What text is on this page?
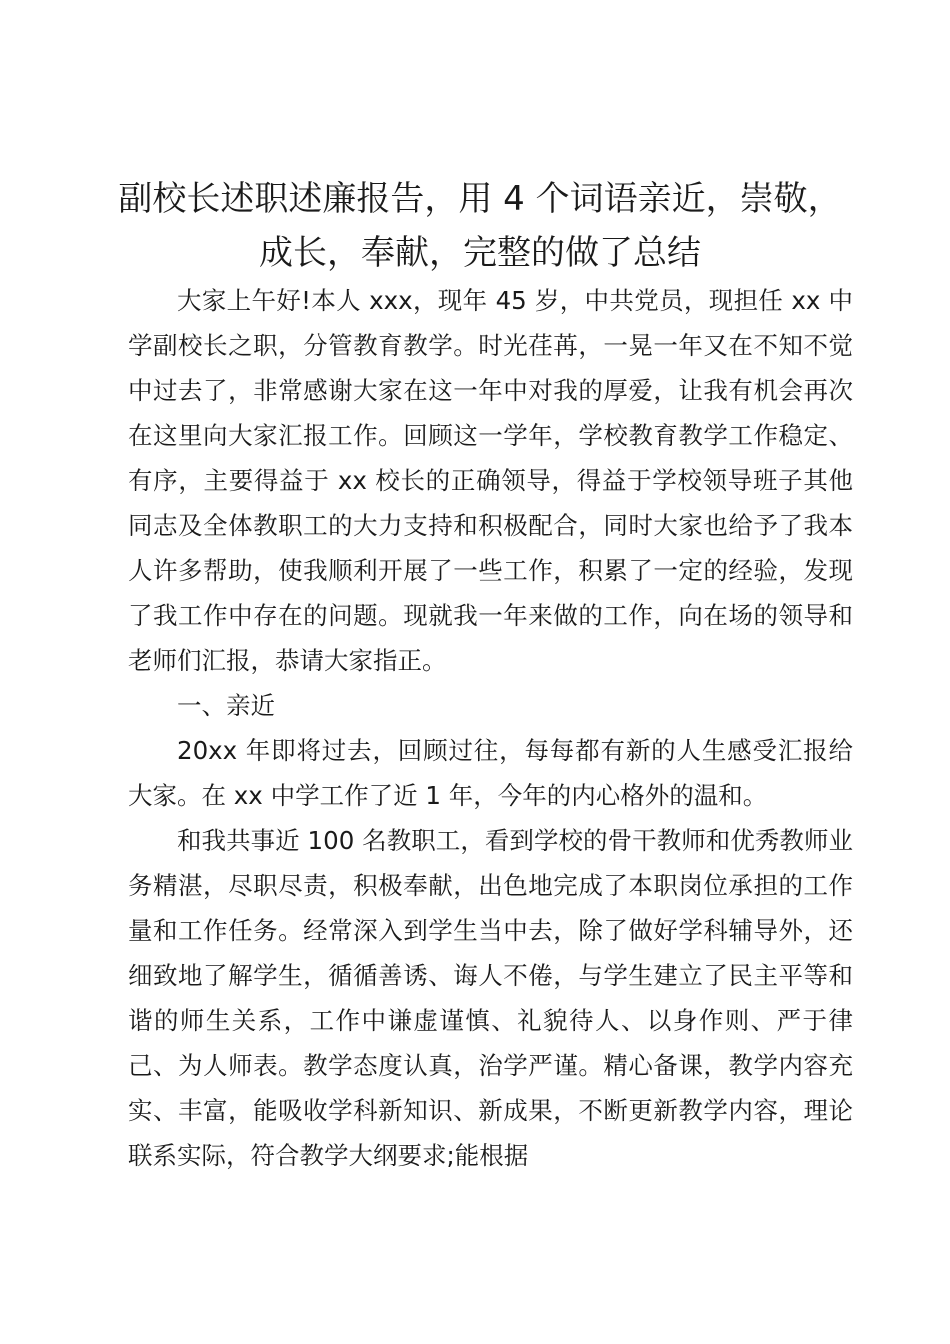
副校长述职述廉报告，用 4 个词语亲近，崇敬，成长，奉献，完整的做了总结

大家上午好!本人 xxx，现年 45 岁，中共党员，现担任 xx 中学副校长之职，分管教育教学。时光荏苒，一晃一年又在不知不觉中过去了，非常感谢大家在这一年中对我的厚爱，让我有机会再次在这里向大家汇报工作。回顾这一学年，学校教育教学工作稳定、有序，主要得益于 xx 校长的正确领导，得益于学校领导班子其他同志及全体教职工的大力支持和积极配合，同时大家也给予了我本人许多帮助，使我顺利开展了一些工作，积累了一定的经验，发现了我工作中存在的问题。现就我一年来做的工作，向在场的领导和老师们汇报，恭请大家指正。

一、亲近

20xx 年即将过去，回顾过往，每每都有新的人生感受汇报给大家。在 xx 中学工作了近 1 年，今年的内心格外的温和。

和我共事近 100 名教职工，看到学校的骨干教师和优秀教师业务精湛，尽职尽责，积极奉献，出色地完成了本职岗位承担的工作量和工作任务。经常深入到学生当中去，除了做好学科辅导外，还细致地了解学生，循循善诱、诲人不倦，与学生建立了民主平等和谐的师生关系，工作中谦虚谨慎、礼貌待人、以身作则、严于律己、为人师表。教学态度认真，治学严谨。精心备课，教学内容充实、丰富，能吸收学科新知识、新成果，不断更新教学内容，理论联系实际，符合教学大纲要求;能根据
